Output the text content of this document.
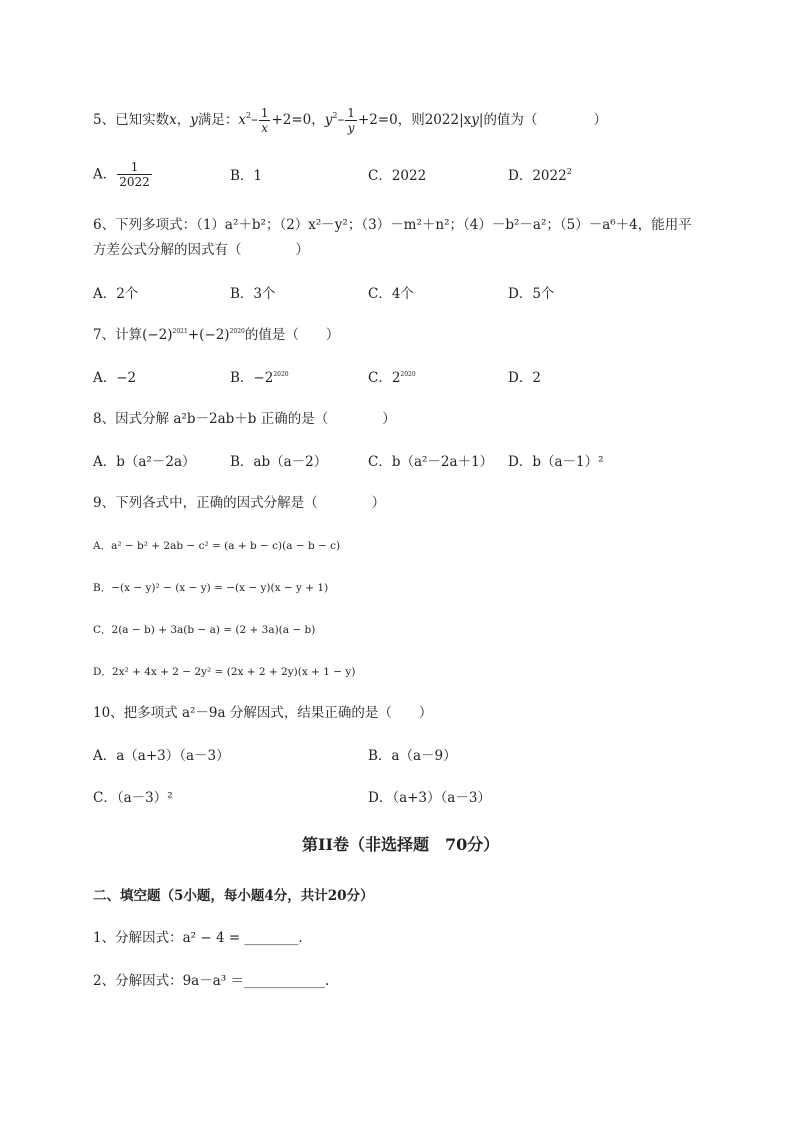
5、已知实数x，y满足：$x^2- \frac{1}{x} +2=0$，$y^2- \frac{1}{y} +2=0$，则2022|xy|的值为（	）
A． $\frac{1}{2022}$	B．1	C．2022	D．2022$^2$
6、下列多项式：（1）a²＋b²；（2）x²－y²；（3）－m²＋n²；（4）－b²－a²；（5）－a⁶＋4，能用平
方差公式分解的因式有（　　　　）
A．2个	B．3个	C．4个	D．5个
7、计算$(-2)^{2021}+(-2)^{2020}$的值是（　　）
A．−2	B．$-2^{2020}$	C．$2^{2020}$	D．2
8、因式分解 a²b－2ab＋b 正确的是（　　　　）
A．b（a²－2a）	B．ab（a－2）	C．b（a²－2a＋1） D．b（a－1）²
9、下列各式中，正确的因式分解是（　　　　）
A．a² − b² + 2ab − c² = (a + b − c)(a − b − c)
B．−(x − y)² − (x − y) = −(x − y)(x − y + 1)
C．2(a − b) + 3a(b − a) = (2 + 3a)(a − b)
D．2x² + 4x + 2 − 2y² = (2x + 2 + 2y)(x + 1 − y)
10、把多项式 a²－9a 分解因式，结果正确的是（　　）
A．a（a+3）（a－3）	B．a（a－9）
C．（a－3）²	D．（a+3）（a－3）
第II卷（非选择题　70分）
二、填空题（5小题，每小题4分，共计20分）
1、分解因式：a² − 4 = ________.
2、分解因式：9a－a³ ＝____________.
